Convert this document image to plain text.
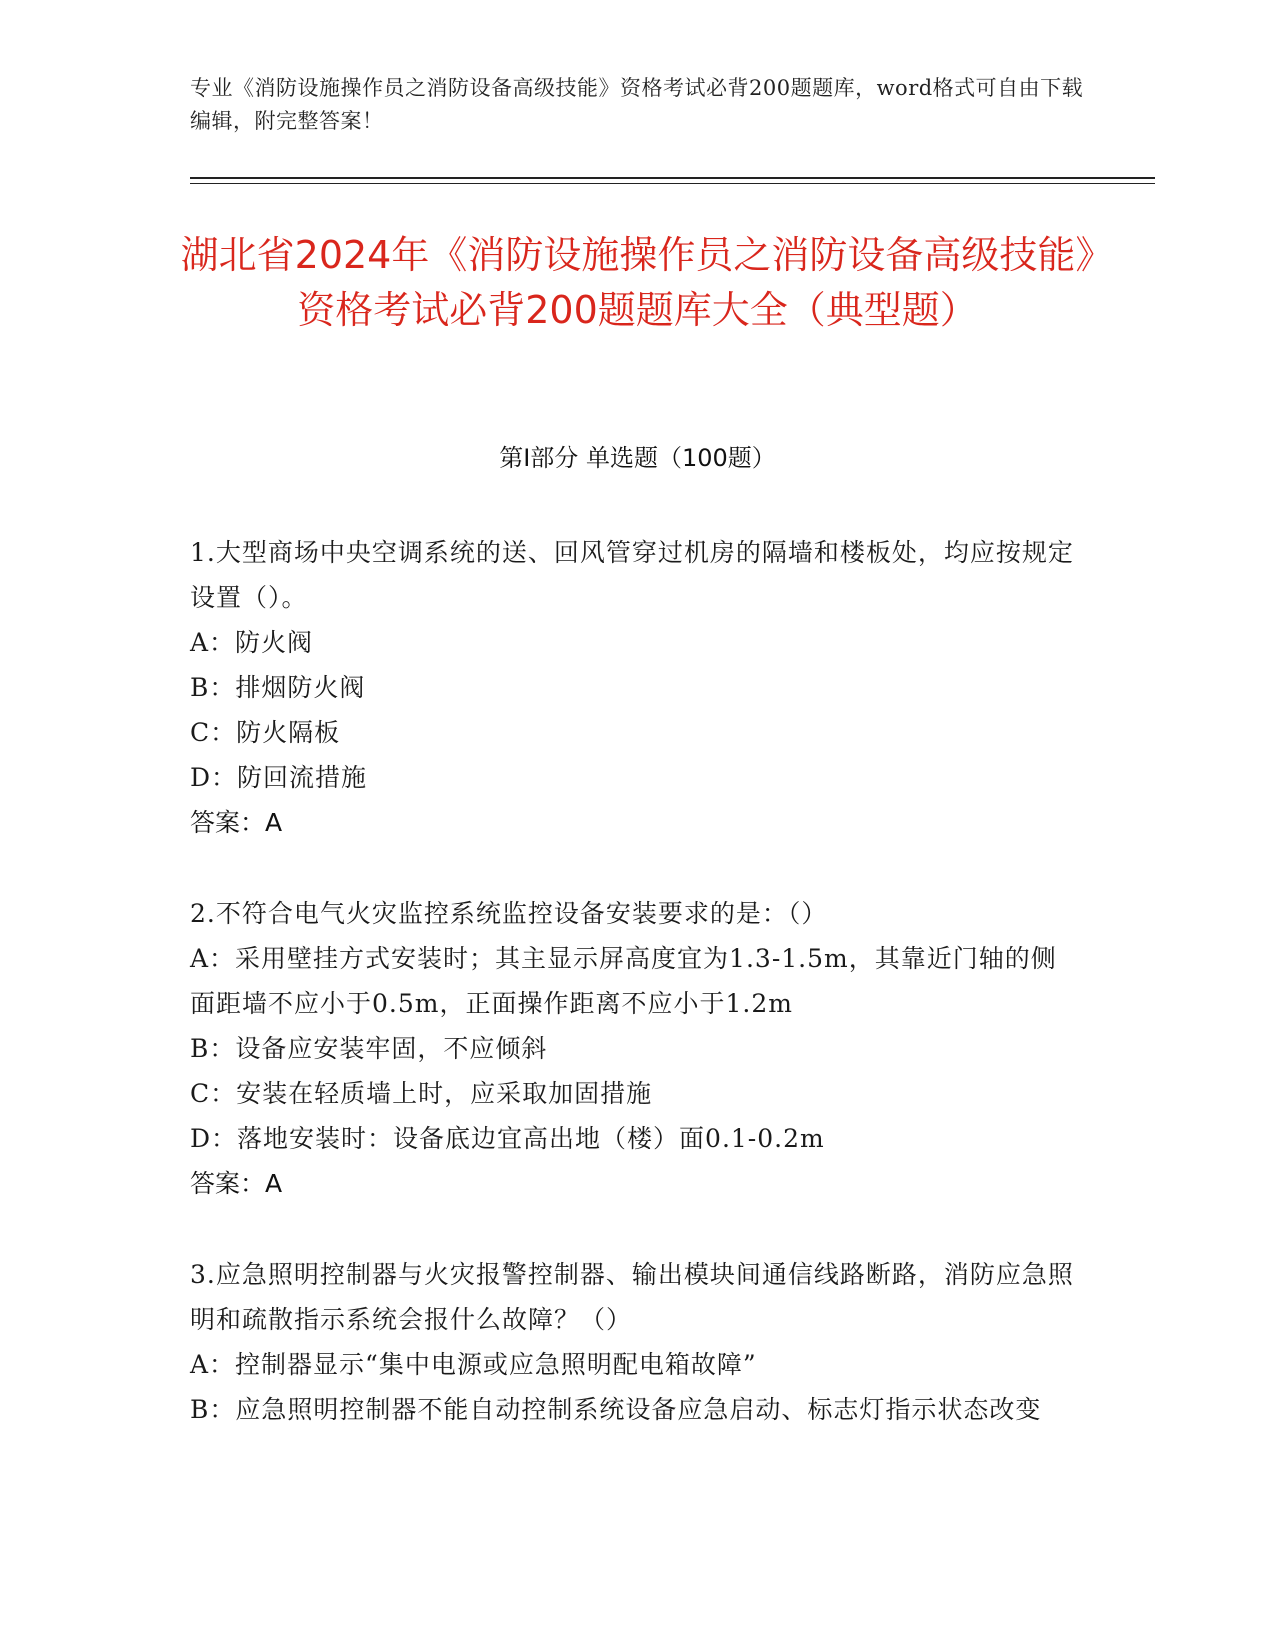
专业《消防设施操作员之消防设备高级技能》资格考试必背200题题库，word格式可自由下载编辑，附完整答案！
湖北省2024年《消防设施操作员之消防设备高级技能》资格考试必背200题题库大全（典型题）
第Ⅰ部分 单选题（100题）
1.大型商场中央空调系统的送、回风管穿过机房的隔墙和楼板处，均应按规定设置（）。
A：防火阀
B：排烟防火阀
C：防火隔板
D：防回流措施
答案：A
2.不符合电气火灾监控系统监控设备安装要求的是：（）
A：采用壁挂方式安装时；其主显示屏高度宜为1.3-1.5m，其靠近门轴的侧面距墙不应小于0.5m，正面操作距离不应小于1.2m
B：设备应安装牢固，不应倾斜
C：安装在轻质墙上时，应采取加固措施
D：落地安装时：设备底边宜高出地（楼）面0.1-0.2m
答案：A
3.应急照明控制器与火灾报警控制器、输出模块间通信线路断路，消防应急照明和疏散指示系统会报什么故障？（）
A：控制器显示“集中电源或应急照明配电箱故障”
B：应急照明控制器不能自动控制系统设备应急启动、标志灯指示状态改变
